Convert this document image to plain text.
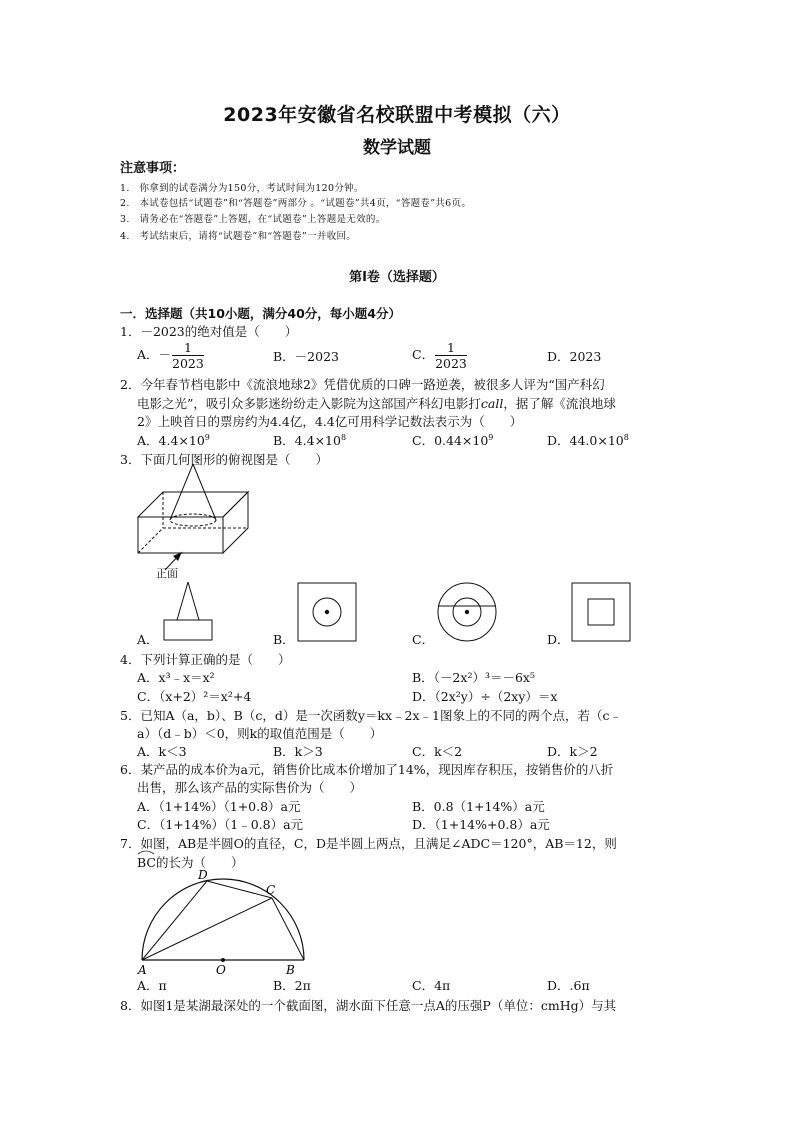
2023年安徽省名校联盟中考模拟（六）
数学试题
注意事项：
1.　你拿到的试卷满分为150分，考试时间为120分钟。
2.　本试卷包括“试题卷”和“答题卷”两部分 。“试题卷”共4页，“答题卷”共6页。
3.　请务必在“答题卷”上答题，在“试题卷”上答题是无效的。
4.　考试结束后，请将“试题卷”和“答题卷”一并收回。
第Ⅰ卷（选择题）
一．选择题（共10小题，满分40分，每小题4分）
1．－2023的绝对值是（　　）
A．－ $\frac{1}{2023}$	B．－2023	C． $\frac{1}{2023}$	D．2023
2．今年春节档电影中《流浪地球2》凭借优质的口碑一路逆袭，被很多人评为“国产科幻
电影之光”，吸引众多影迷纷纷走入影院为这部国产科幻电影打call，据了解《流浪地球
2》上映首日的票房约为4.4亿，4.4亿可用科学记数法表示为（　　）
A．$4.4\times 10^9$	B．$4.4\times 10^8$	C．$0.44\times 10^9$	D．$44.0\times 10^8$
3．下面几何图形的俯视图是（　　）
正面
A．	B．	C．	D．
4．下列计算正确的是（　　）
A．x³﹣x＝x²	B．（－2x²）³＝－6x⁵
C．（x+2）²＝x²+4	D．（2x²y）÷（2xy）＝x
5．已知A（a，b）、B（c，d）是一次函数y＝kx﹣2x﹣1图象上的不同的两个点，若（c﹣
a）（d﹣b）＜0，则k的取值范围是（　　）
A．k＜3	B．k＞3	C．k＜2	D．k＞2
6．某产品的成本价为a元，销售价比成本价增加了14%，现因库存积压，按销售价的八折
出售，那么该产品的实际售价为（　　）
A．（1+14%）（1+0.8）a元	B．0.8（1+14%）a元
C．（1+14%）（1﹣0.8）a元	D．（1+14%+0.8）a元
7．如图，AB是半圆O的直径，C，D是半圆上两点，且满足∠ADC＝120°，AB＝12，则
BC的长为（　　）
A	O	B
D
C
A．π	B．2π	C．4π	D．.6π
8．如图1是某湖最深处的一个截面图，湖水面下任意一点A的压强P（单位：cmHg）与其
